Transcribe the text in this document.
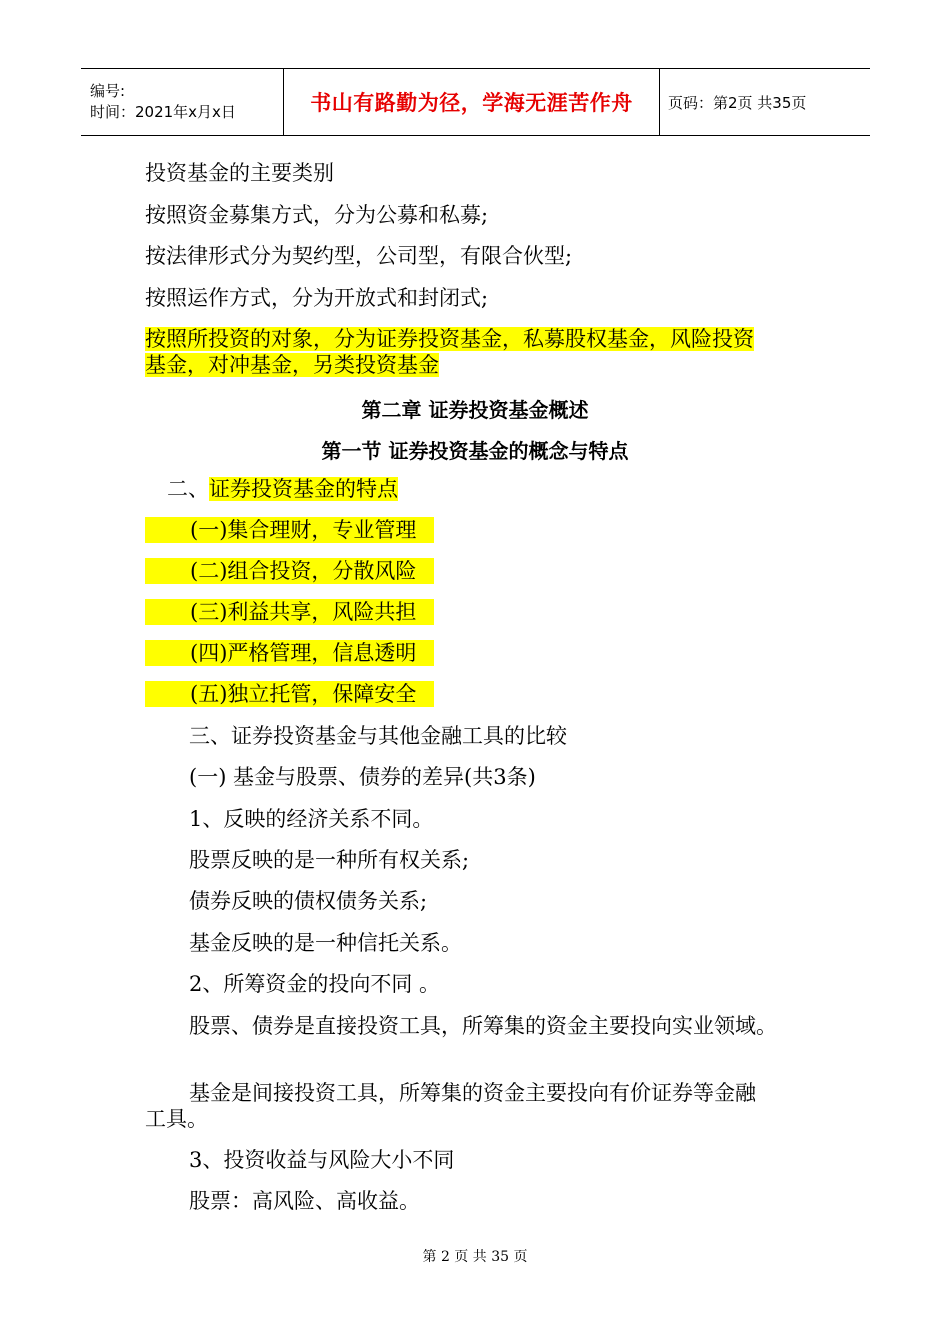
编号:
时间：2021年x月x日	书山有路勤为径，学海无涯苦作舟	页码：第2页 共35页
投资基金的主要类别
按照资金募集方式，分为公募和私募;
按法律形式分为契约型，公司型，有限合伙型;
按照运作方式，分为开放式和封闭式;
按照所投资的对象，分为证券投资基金，私募股权基金，风险投资
基金，对冲基金，另类投资基金
第二章 证券投资基金概述
第一节 证券投资基金的概念与特点
二、证券投资基金的特点
(一)集合理财，专业管理
(二)组合投资，分散风险
(三)利益共享，风险共担
(四)严格管理，信息透明
(五)独立托管，保障安全
三、证券投资基金与其他金融工具的比较
(一) 基金与股票、债券的差异(共3条)
1、反映的经济关系不同。
股票反映的是一种所有权关系;
债券反映的债权债务关系;
基金反映的是一种信托关系。
2、所筹资金的投向不同 。
股票、债券是直接投资工具，所筹集的资金主要投向实业领域。
基金是间接投资工具，所筹集的资金主要投向有价证券等金融
工具。
3、投资收益与风险大小不同
股票：高风险、高收益。
第 2 页 共 35 页
